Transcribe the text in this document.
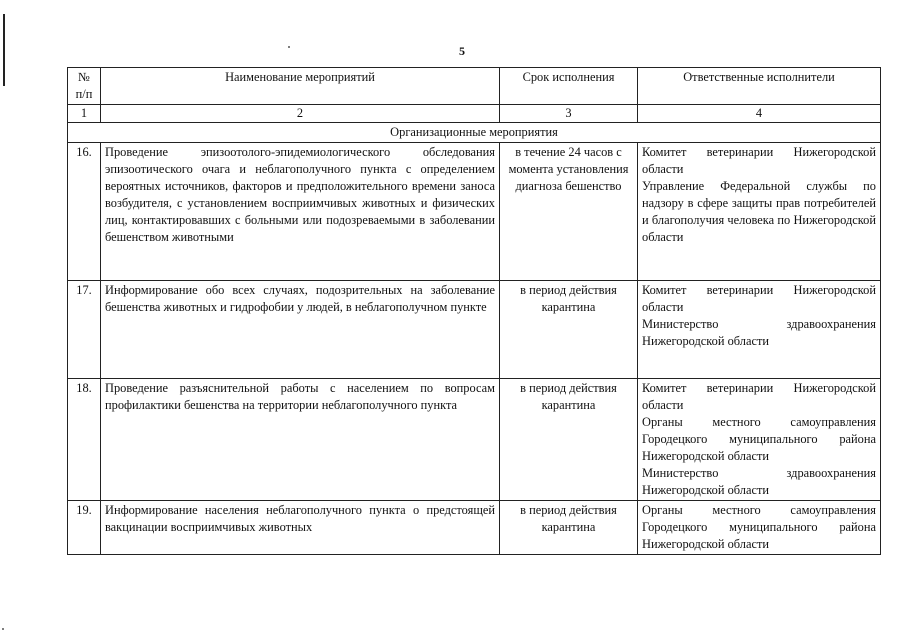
5
№ п/п	Наименование мероприятий	Срок исполнения	Ответственные исполнители
1	2	3	4
Организационные мероприятия			
16.	Проведение эпизоотолого-эпидемиологического обследования эпизоотического очага и неблагополучного пункта с определением вероятных источников, факторов и предположительного времени заноса возбудителя, с установлением восприимчивых животных и физических лиц, контактировавших с больными или подозреваемыми в заболевании бешенством животными	в течение 24 часов с момента установления диагноза бешенство	Комитет ветеринарии Нижегородской области
Управление Федеральной службы по надзору в сфере защиты прав потребителей и благополучия человека по Нижегородской области

17.	Информирование обо всех случаях, подозрительных на заболевание бешенства животных и гидрофобии у людей, в неблагополучном пункте	в период действия карантина	Комитет ветеринарии Нижегородской области
Министерство здравоохранения Нижегородской области

18.	Проведение разъяснительной работы с населением по вопросам профилактики бешенства на территории неблагополучного пункта	в период действия карантина	Комитет ветеринарии Нижегородской области
Органы местного самоуправления Городецкого муниципального района Нижегородской области
Министерство здравоохранения Нижегородской области

19.	Информирование населения неблагополучного пункта о предстоящей вакцинации восприимчивых животных	в период действия карантина	Органы местного самоуправления Городецкого муниципального района Нижегородской области
